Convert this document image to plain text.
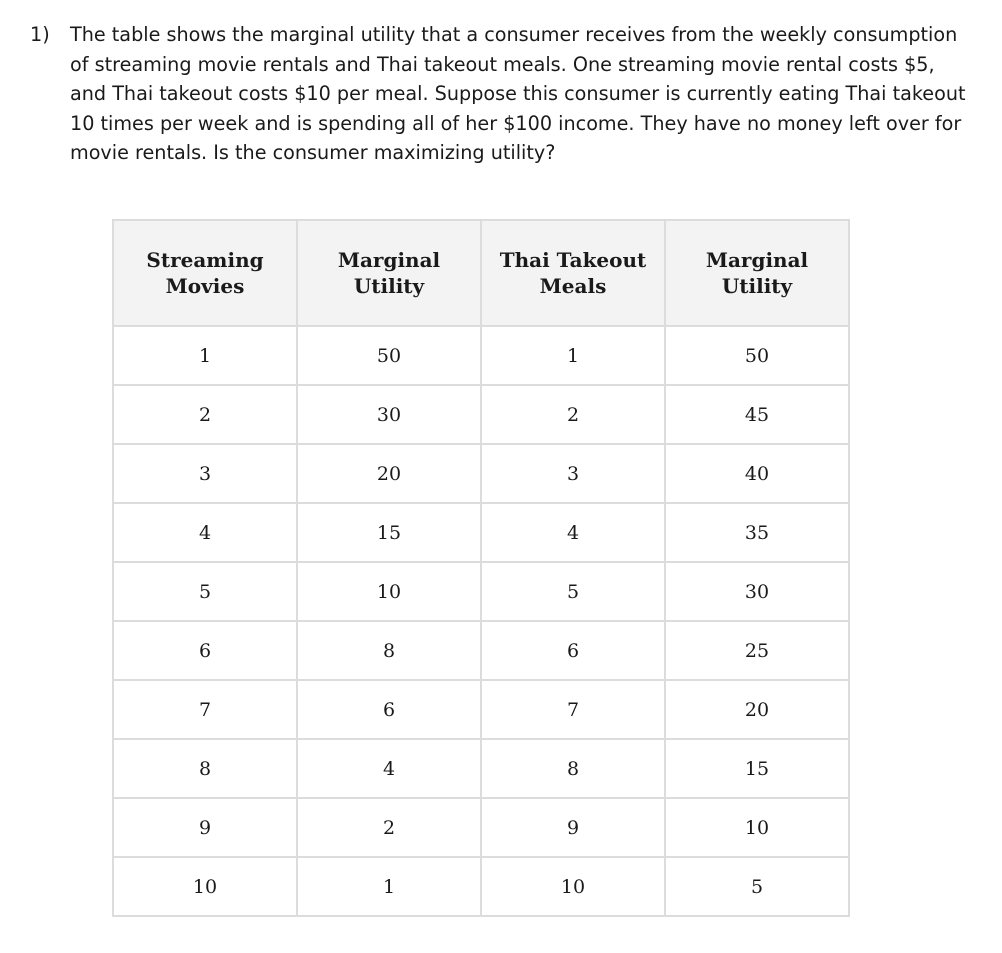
1)	The table shows the marginal utility that a consumer receives from the weekly consumption of streaming movie rentals and Thai takeout meals. One streaming movie rental costs $5, and Thai takeout costs $10 per meal. Suppose this consumer is currently eating Thai takeout 10 times per week and is spending all of her $100 income. They have no money left over for movie rentals. Is the consumer maximizing utility?
Streaming
Movies	Marginal
Utility	Thai Takeout
Meals	Marginal
Utility
1	50	1	50
2	30	2	45
3	20	3	40
4	15	4	35
5	10	5	30
6	8	6	25
7	6	7	20
8	4	8	15
9	2	9	10
10	1	10	5
